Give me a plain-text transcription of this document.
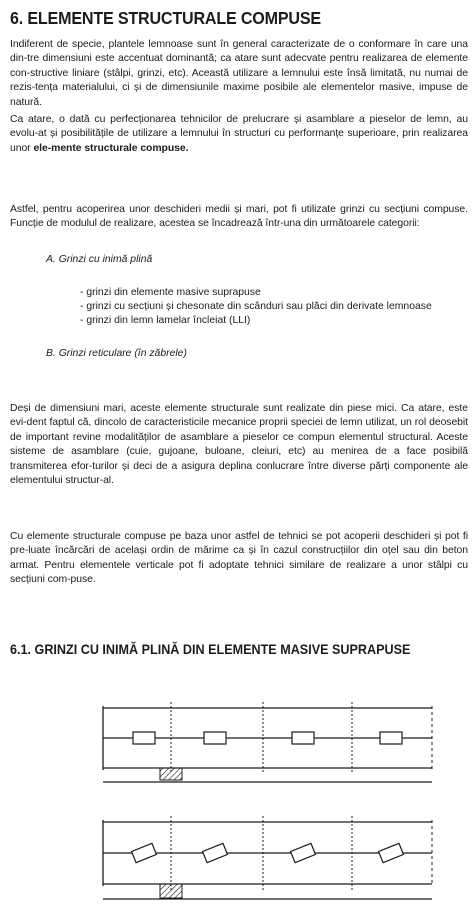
6. ELEMENTE STRUCTURALE COMPUSE

Indiferent de specie, plantele lemnoase sunt în general caracterizate de o conformare în care una din-tre dimensiuni este accentuat dominantă; ca atare sunt adecvate pentru realizarea de elemente con-structive liniare (stâlpi, grinzi, etc). Această utilizare a lemnului este însă limitată, nu numai de rezis-tența materialului, ci și de dimensiunile maxime posibile ale elementelor masive, impuse de natură.

Ca atare, o dată cu perfecționarea tehnicilor de prelucrare și asamblare a pieselor de lemn, au evolu-at și posibilitățile de utilizare a lemnului în structuri cu performanțe superioare, prin realizarea unor ele-mente structurale compuse.

Astfel, pentru acoperirea unor deschideri medii și mari, pot fi utilizate grinzi cu secțiuni compuse. Funcție de modulul de realizare, acestea se încadrează într-una din următoarele categorii:

A. Grinzi cu inimă plină
- grinzi din elemente masive suprapuse
- grinzi cu secțiuni și chesonate din scânduri sau plăci din derivate lemnoase
- grinzi din lemn lamelar încleiat (LLI)
B. Grinzi reticulare (în zăbrele)

Deși de dimensiuni mari, aceste elemente structurale sunt realizate din piese mici. Ca atare, este evi-dent faptul că, dincolo de caracteristicile mecanice proprii speciei de lemn utilizat, un rol deosebit de important revine modalităților de asamblare a pieselor ce compun elementul structural. Aceste sisteme de asamblare (cuie, gujoane, buloane, cleiuri, etc) au menirea de a face posibilă transmiterea efor-turilor și deci de a asigura deplina conlucrare între diverse părți componente ale elementului structur-al.

Cu elemente structurale compuse pe baza unor astfel de tehnici se pot acoperii deschideri și pot fi pre-luate încărcări de același ordin de mărime ca și în cazul construcțiilor din oțel sau din beton armat. Pentru elementele verticale pot fi adoptate tehnici similare de realizare a unor stâlpi cu secțiuni com-puse.

6.1. GRINZI CU INIMĂ PLINĂ DIN ELEMENTE MASIVE SUPRAPUSE
